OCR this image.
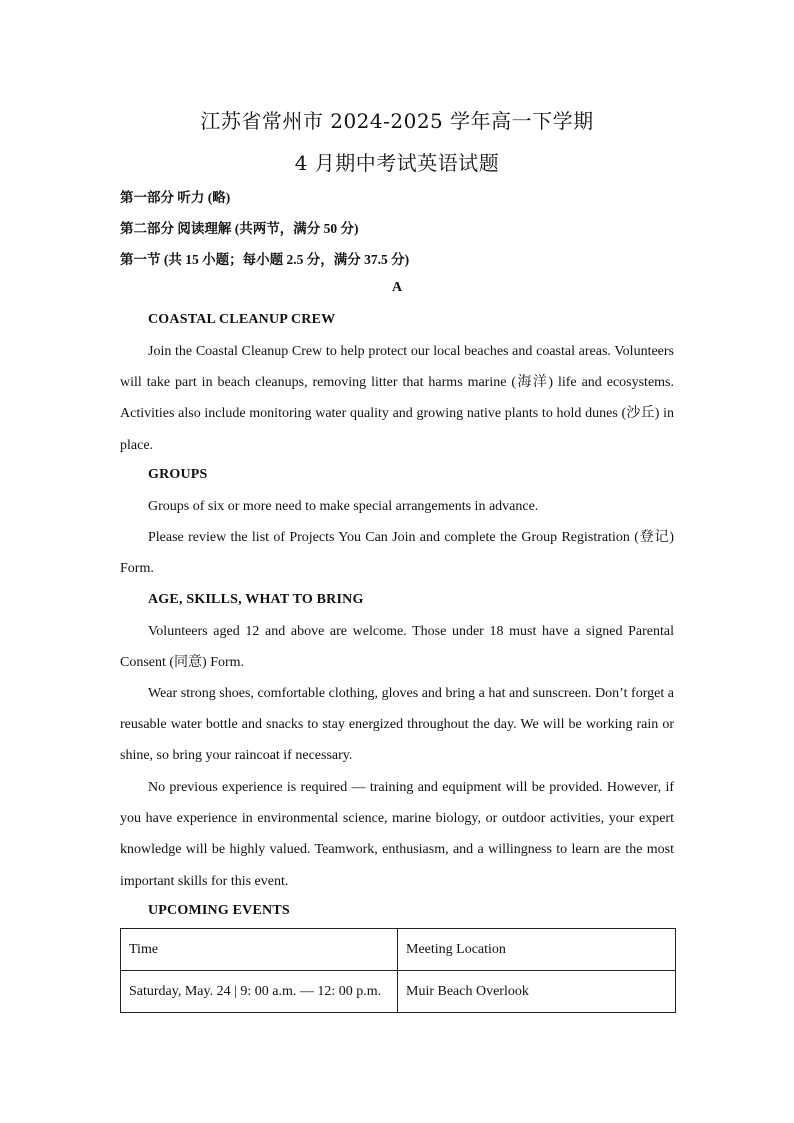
江苏省常州市 2024-2025 学年高一下学期
4 月期中考试英语试题
第一部分 听力 (略)
第二部分 阅读理解 (共两节，满分 50 分)
第一节 (共 15 小题；每小题 2.5 分，满分 37.5 分)
A
COASTAL CLEANUP CREW

Join the Coastal Cleanup Crew to help protect our local beaches and coastal areas. Volunteers will take part in beach cleanups, removing litter that harms marine (海洋) life and ecosystems. Activities also include monitoring water quality and growing native plants to hold dunes (沙丘) in place.

GROUPS

Groups of six or more need to make special arrangements in advance.

Please review the list of Projects You Can Join and complete the Group Registration (登记) Form.

AGE, SKILLS, WHAT TO BRING

Volunteers aged 12 and above are welcome. Those under 18 must have a signed Parental Consent (同意) Form.

Wear strong shoes, comfortable clothing, gloves and bring a hat and sunscreen. Don’t forget a reusable water bottle and snacks to stay energized throughout the day. We will be working rain or shine, so bring your raincoat if necessary.

No previous experience is required — training and equipment will be provided. However, if you have experience in environmental science, marine biology, or outdoor activities, your expert knowledge will be highly valued. Teamwork, enthusiasm, and a willingness to learn are the most important skills for this event.

UPCOMING EVENTS
Time	Meeting Location
Saturday, May. 24 | 9: 00 a.m. — 12: 00 p.m.	Muir Beach Overlook
